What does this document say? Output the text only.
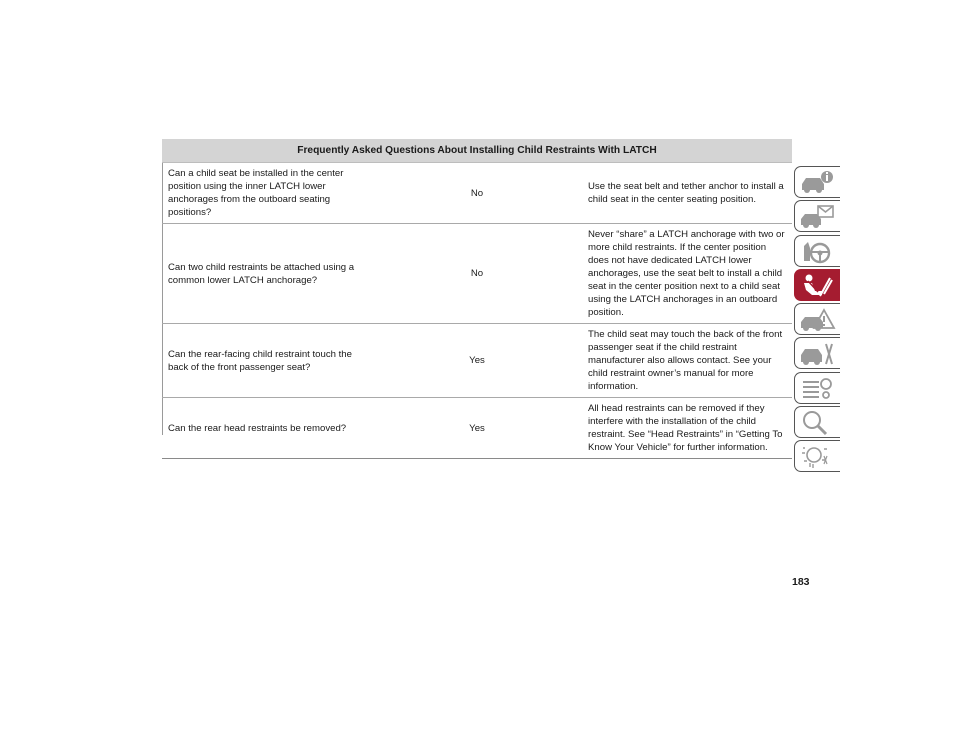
Frequently Asked Questions About Installing Child Restraints With LATCH		
Can a child seat be installed in the center position using the inner LATCH lower anchorages from the outboard seating positions?	No	Use the seat belt and tether anchor to install a child seat in the center seating position.
Can two child restraints be attached using a common lower LATCH anchorage?	No	Never “share” a LATCH anchorage with two or more child restraints. If the center position does not have dedicated LATCH lower anchorages, use the seat belt to install a child seat in the center position next to a child seat using the LATCH anchorages in an outboard position.
Can the rear-facing child restraint touch the back of the front passenger seat?	Yes	The child seat may touch the back of the front passenger seat if the child restraint manufacturer also allows contact. See your child restraint owner’s manual for more information.
Can the rear head restraints be removed?	Yes	All head restraints can be removed if they interfere with the installation of the child restraint. See “Head Restraints” in “Getting To Know Your Vehicle” for further information.
183
